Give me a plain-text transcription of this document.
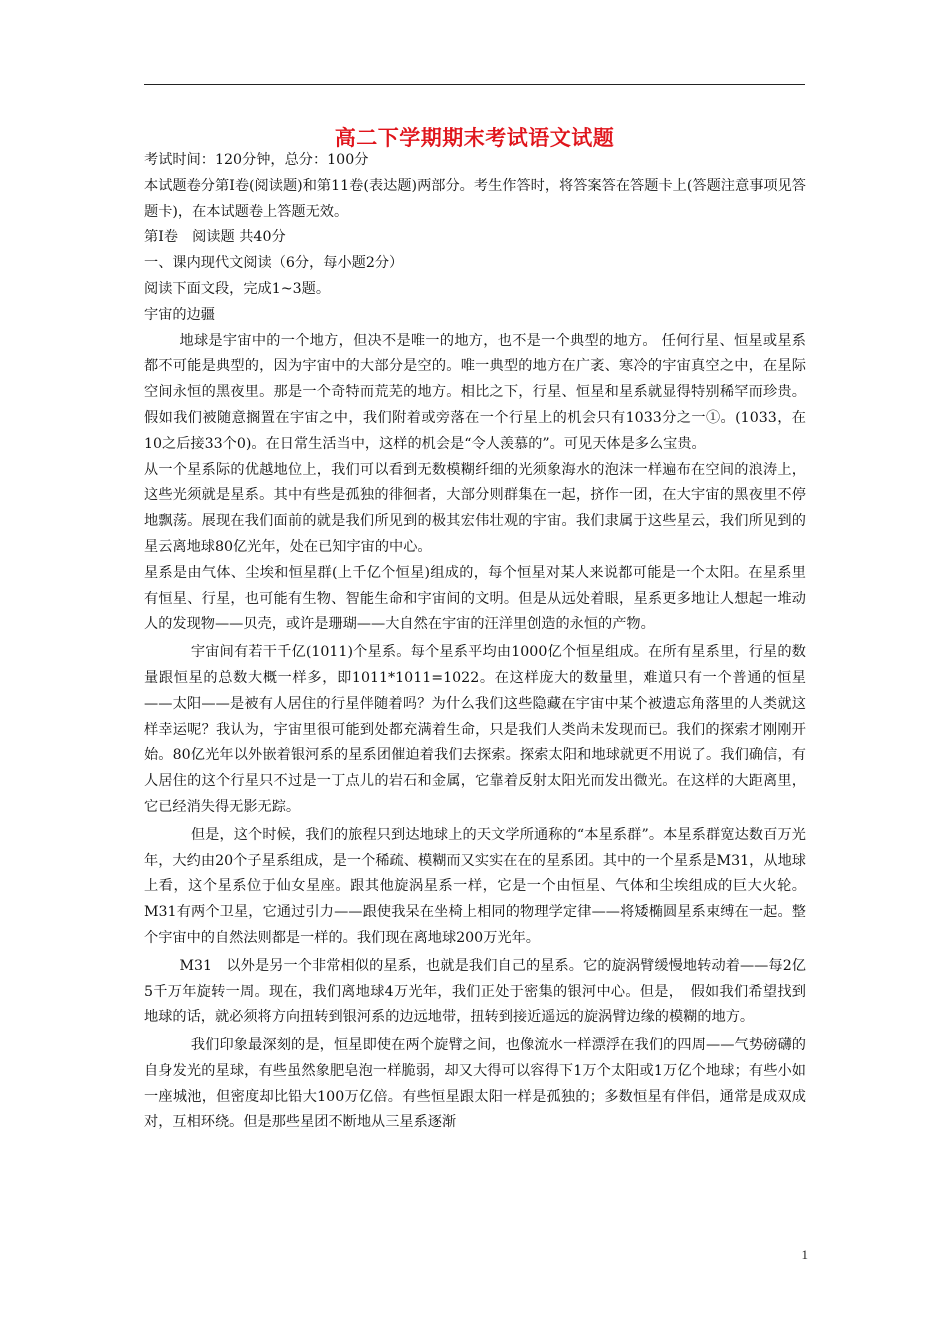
高二下学期期末考试语文试题

考试时间：120分钟，总分：100分

本试题卷分第Ⅰ卷(阅读题)和第11卷(表达题)两部分。考生作答时，将答案答在答题卡上(答题注意事项见答题卡)，在本试题卷上答题无效。

第Ⅰ卷　阅读题 共40分

一、课内现代文阅读（6分，每小题2分）

阅读下面文段，完成1~3题。

宇宙的边疆

地球是宇宙中的一个地方，但决不是唯一的地方，也不是一个典型的地方。 任何行星、恒星或星系都不可能是典型的，因为宇宙中的大部分是空的。唯一典型的地方在广袤、寒冷的宇宙真空之中，在星际空间永恒的黑夜里。那是一个奇特而荒芜的地方。相比之下，行星、恒星和星系就显得特别稀罕而珍贵。假如我们被随意搁置在宇宙之中，我们附着或旁落在一个行星上的机会只有1033分之一①。(1033，在10之后接33个0)。在日常生活当中，这样的机会是“令人羡慕的”。可见天体是多么宝贵。

从一个星系际的优越地位上，我们可以看到无数模糊纤细的光须象海水的泡沫一样遍布在空间的浪涛上，这些光须就是星系。其中有些是孤独的徘徊者，大部分则群集在一起，挤作一团，在大宇宙的黑夜里不停地飘荡。展现在我们面前的就是我们所见到的极其宏伟壮观的宇宙。我们隶属于这些星云，我们所见到的星云离地球80亿光年，处在已知宇宙的中心。

星系是由气体、尘埃和恒星群(上千亿个恒星)组成的，每个恒星对某人来说都可能是一个太阳。在星系里有恒星、行星，也可能有生物、智能生命和宇宙间的文明。但是从远处着眼，星系更多地让人想起一堆动人的发现物——贝壳，或许是珊瑚——大自然在宇宙的汪洋里创造的永恒的产物。

宇宙间有若干千亿(1011)个星系。每个星系平均由1000亿个恒星组成。在所有星系里，行星的数量跟恒星的总数大概一样多，即1011*1011=1022。在这样庞大的数量里，难道只有一个普通的恒星——太阳——是被有人居住的行星伴随着吗？为什么我们这些隐藏在宇宙中某个被遗忘角落里的人类就这样幸运呢？我认为，宇宙里很可能到处都充满着生命，只是我们人类尚未发现而已。我们的探索才刚刚开始。80亿光年以外嵌着银河系的星系团催迫着我们去探索。探索太阳和地球就更不用说了。我们确信，有人居住的这个行星只不过是一丁点儿的岩石和金属，它靠着反射太阳光而发出微光。在这样的大距离里，它已经消失得无影无踪。

但是，这个时候，我们的旅程只到达地球上的天文学所通称的“本星系群”。本星系群宽达数百万光年，大约由20个子星系组成，是一个稀疏、模糊而又实实在在的星系团。其中的一个星系是M31，从地球上看，这个星系位于仙女星座。跟其他旋涡星系一样，它是一个由恒星、气体和尘埃组成的巨大火轮。M31有两个卫星，它通过引力——跟使我呆在坐椅上相同的物理学定律——将矮椭圆星系束缚在一起。整个宇宙中的自然法则都是一样的。我们现在离地球200万光年。

M31　以外是另一个非常相似的星系，也就是我们自己的星系。它的旋涡臂缓慢地转动着——每2亿5千万年旋转一周。现在，我们离地球4万光年，我们正处于密集的银河中心。但是，　假如我们希望找到地球的话，就必须将方向扭转到银河系的边远地带，扭转到接近遥远的旋涡臂边缘的模糊的地方。

我们印象最深刻的是，恒星即使在两个旋臂之间，也像流水一样漂浮在我们的四周——气势磅礴的自身发光的星球，有些虽然象肥皂泡一样脆弱，却又大得可以容得下1万个太阳或1万亿个地球；有些小如一座城池，但密度却比铅大100万亿倍。有些恒星跟太阳一样是孤独的；多数恒星有伴侣，通常是成双成对，互相环绕。但是那些星团不断地从三星系逐渐

1
